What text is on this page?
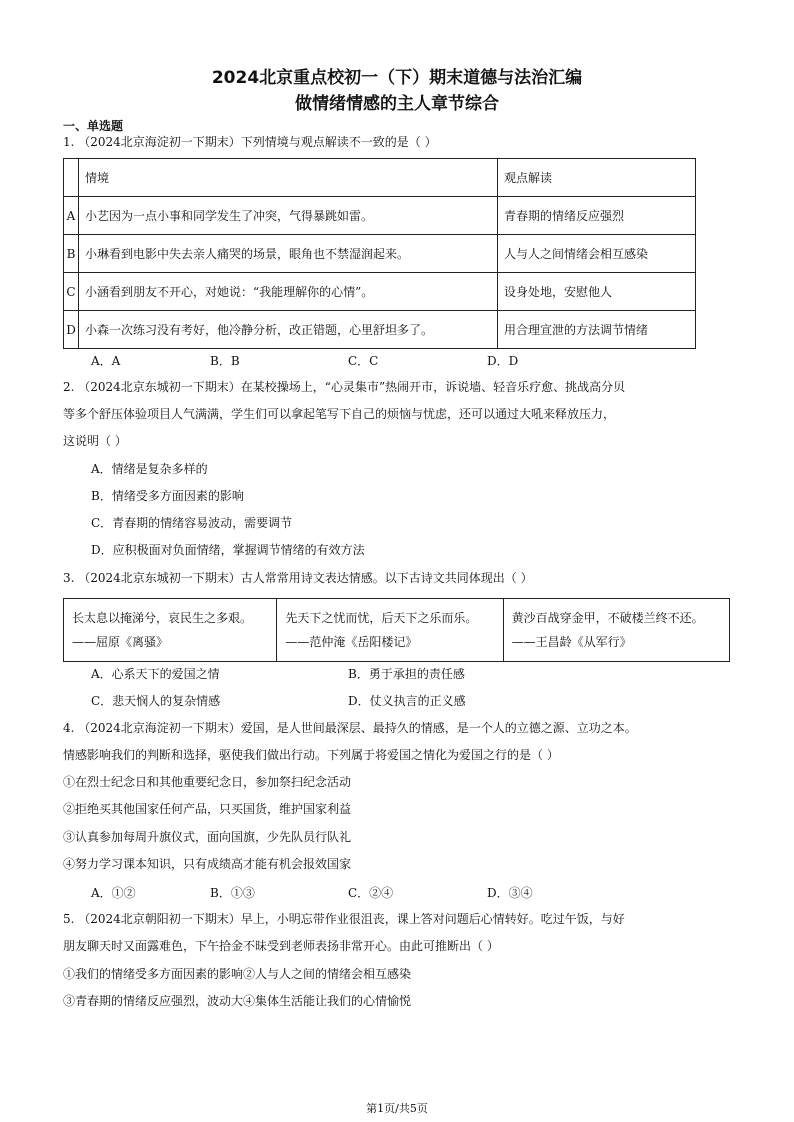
2024北京重点校初一（下）期末道德与法治汇编
做情绪情感的主人章节综合
一、单选题
1. （2024北京海淀初一下期末）下列情境与观点解读不一致的是（ ）
	情境	观点解读
A	小艺因为一点小事和同学发生了冲突，气得暴跳如雷。	青春期的情绪反应强烈
B	小琳看到电影中失去亲人痛哭的场景，眼角也不禁湿润起来。	人与人之间情绪会相互感染
C	小涵看到朋友不开心，对她说：“我能理解你的心情”。	设身处地，安慰他人
D	小森一次练习没有考好，他冷静分析，改正错题，心里舒坦多了。	用合理宣泄的方法调节情绪
A．A	B．B	C．C	D．D
2. （2024北京东城初一下期末）在某校操场上，“心灵集市”热闹开市，诉说墙、轻音乐疗愈、挑战高分贝
等多个舒压体验项目人气满满，学生们可以拿起笔写下自己的烦恼与忧虑，还可以通过大吼来释放压力，
这说明（ ）
A．情绪是复杂多样的
B．情绪受多方面因素的影响
C．青春期的情绪容易波动，需要调节
D．应积极面对负面情绪，掌握调节情绪的有效方法
3. （2024北京东城初一下期末）古人常常用诗文表达情感。以下古诗文共同体现出（ ）
长太息以掩涕兮，哀民生之多艰。
——屈原《离骚》

先天下之忧而忧，后天下之乐而乐。
——范仲淹《岳阳楼记》

黄沙百战穿金甲，不破楼兰终不还。
——王昌龄《从军行》
A．心系天下的爱国之情	B．勇于承担的责任感
C．悲天悯人的复杂情感	D．仗义执言的正义感
4. （2024北京海淀初一下期末）爱国，是人世间最深层、最持久的情感，是一个人的立德之源、立功之本。
情感影响我们的判断和选择，驱使我们做出行动。下列属于将爱国之情化为爱国之行的是（ ）
①在烈士纪念日和其他重要纪念日，参加祭扫纪念活动
②拒绝买其他国家任何产品，只买国货，维护国家利益
③认真参加每周升旗仪式，面向国旗，少先队员行队礼
④努力学习课本知识，只有成绩高才能有机会报效国家
A．①②	B．①③	C．②④	D．③④
5. （2024北京朝阳初一下期末）早上，小明忘带作业很沮丧，课上答对问题后心情转好。吃过午饭，与好
朋友聊天时又面露难色，下午拾金不昧受到老师表扬非常开心。由此可推断出（ ）
①我们的情绪受多方面因素的影响②人与人之间的情绪会相互感染
③青春期的情绪反应强烈，波动大④集体生活能让我们的心情愉悦
第1页/共5页
